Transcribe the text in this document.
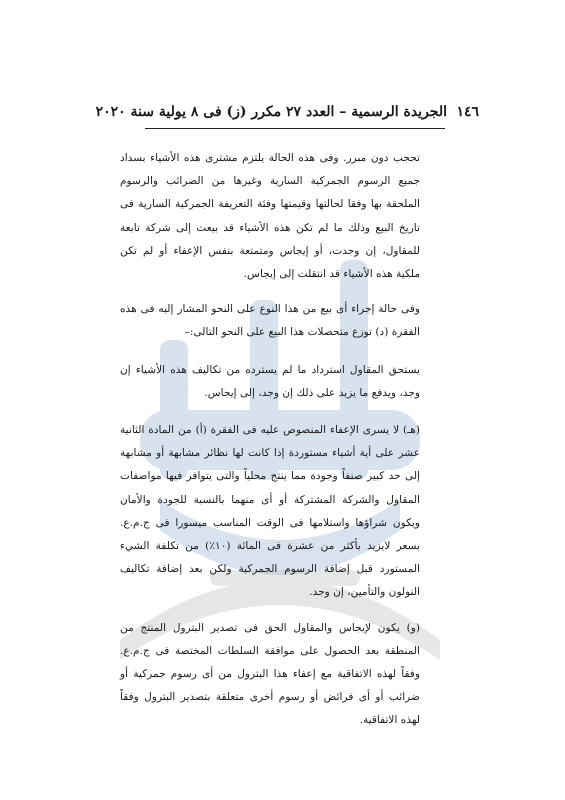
١٤٦
الجريدة الرسمية – العدد ٢٧ مكرر (ز) فى ٨ يولية سنة ٢٠٢٠

تحجب دون مبرر. وفى هذه الحالة يلتزم مشترى هذه الأشياء بسداد جميع الرسوم الجمركية السارية وغيرها من الضرائب والرسوم الملحقة بها وفقا لحالتها وقيمتها وفئة التعريفة الجمركية السارية فى تاريخ البيع وذلك ما لم تكن هذه الأشياء قد بيعت إلى شركة تابعة للمقاول، إن وجدت، أو إيجاس ومتمتعة بنفس الإعفاء أو لم تكن ملكية هذه الأشياء قد انتقلت إلى إيجاس.

وفى حالة إجراء أى بيع من هذا النوع على النحو المشار إليه فى هذه الفقرة (د) توزع متحصلات هذا البيع على النحو التالى:–

يستحق المقاول استرداد ما لم يسترده من تكاليف هذه الأشياء إن وجد، ويدفع ما يزيد على ذلك إن وجد، إلى إيجاس.

(هـ) لا يسرى الإعفاء المنصوص عليه فى الفقرة (أ) من المادة الثانية عشر على أية أشياء مستوردة إذا كانت لها نظائر مشابهة أو مشابهة إلى حد كبير صنفاً وجودة مما ينتج محلياً والتى يتوافر فيها مواصفات المقاول والشركة المشتركة أو أى منهما بالنسبة للجودة والأمان ويكون شراؤها واستلامها فى الوقت المناسب ميسورا فى ج.م.ع. بسعر لايزيد بأكثر من عشرة فى المائة (١٠٪) من تكلفة الشيء المستورد قبل إضافة الرسوم الجمركية ولكن بعد إضافة تكاليف النولون والتأمين، إن وجد.

(و) يكون لإيجاس والمقاول الحق فى تصدير البترول المنتج من المنطقة بعد الحصول على موافقة السلطات المختصة فى ج.م.ع. وفقاً لهذه الاتفاقية مع إعفاء هذا البترول من أى رسوم جمركية أو ضرائب أو أى فرائض أو رسوم أخرى متعلقة بتصدير البترول وفقاً لهذه الاتفاقية.
